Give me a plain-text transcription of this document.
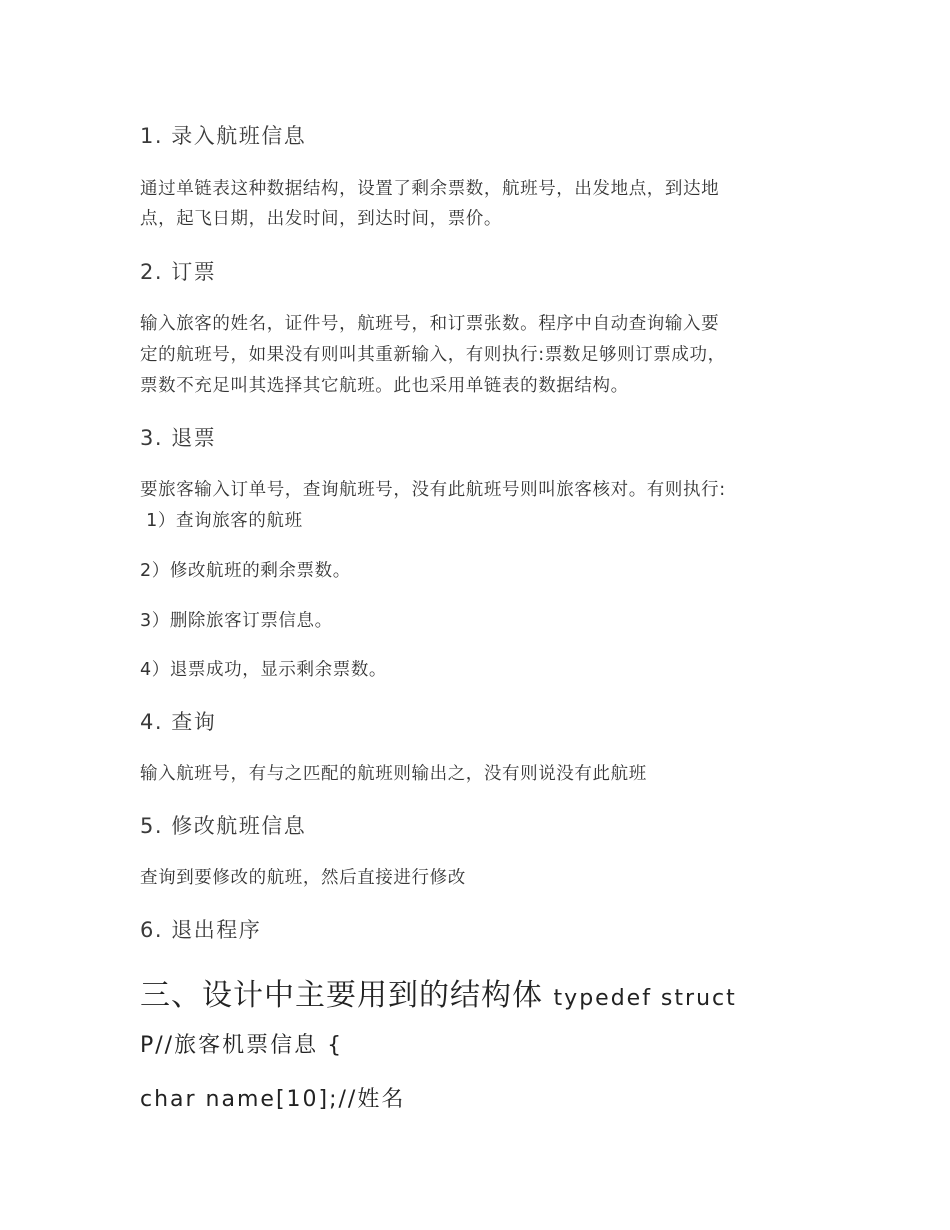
1. 录入航班信息
通过单链表这种数据结构，设置了剩余票数，航班号，出发地点，到达地
点，起飞日期，出发时间，到达时间，票价。
2. 订票
输入旅客的姓名，证件号，航班号，和订票张数。程序中自动查询输入要
定的航班号，如果没有则叫其重新输入，有则执行:票数足够则订票成功，
票数不充足叫其选择其它航班。此也采用单链表的数据结构。
3. 退票
要旅客输入订单号，查询航班号，没有此航班号则叫旅客核对。有则执行:
1）查询旅客的航班
2）修改航班的剩余票数。
3）删除旅客订票信息。
4）退票成功，显示剩余票数。
4. 查询
输入航班号，有与之匹配的航班则输出之，没有则说没有此航班
5. 修改航班信息
查询到要修改的航班，然后直接进行修改
6. 退出程序
三、设计中主要用到的结构体 typedef struct
P//旅客机票信息 {
char name[10];//姓名
